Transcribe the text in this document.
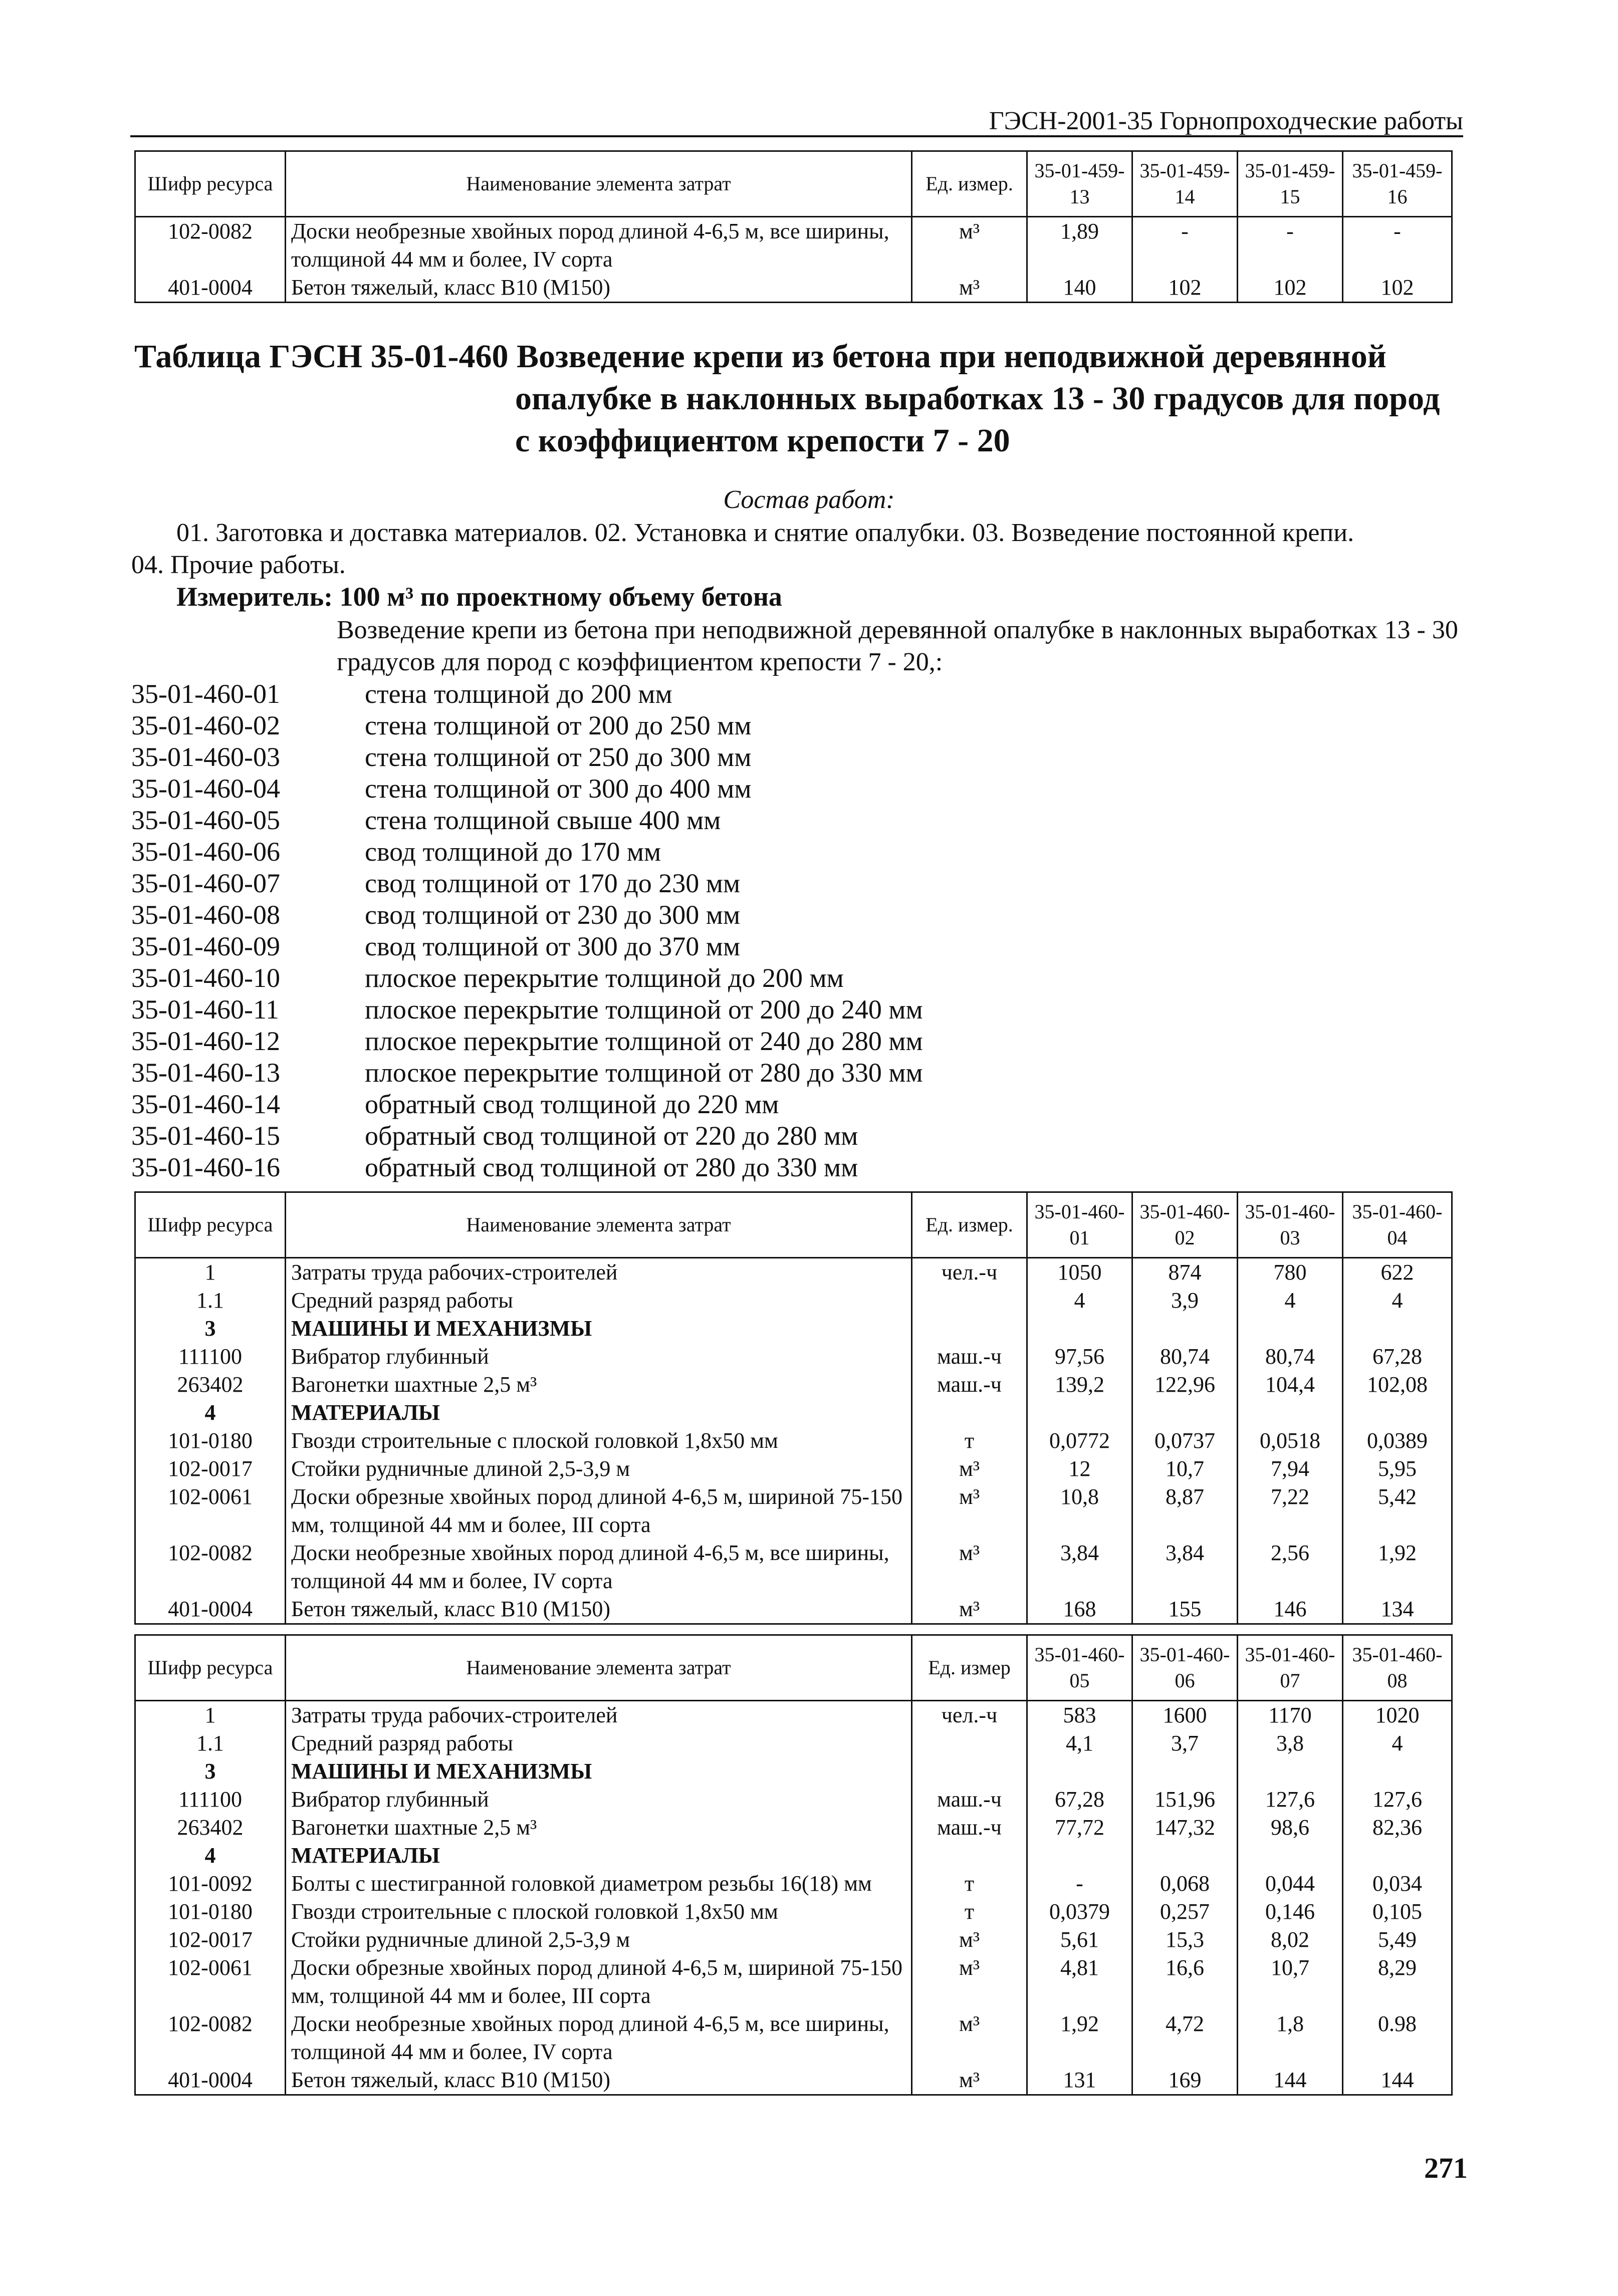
ГЭСН-2001-35 Горнопроходческие работы
Шифр ресурса	Наименование элемента затрат	Ед. измер.	35-01-459-13	35-01-459-14	35-01-459-15	35-01-459-16
102-0082	Доски необрезные хвойных пород длиной 4-6,5 м, все ширины, толщиной 44 мм и более, IV сорта	м³	1,89	-	-	-
401-0004	Бетон тяжелый, класс В10 (М150)	м³	140	102	102	102
Таблица ГЭСН 35-01-460 Возведение крепи из бетона при неподвижной деревянной
опалубке в наклонных выработках 13 - 30 градусов для пород
с коэффициентом крепости 7 - 20
Состав работ:
01. Заготовка и доставка материалов. 02. Установка и снятие опалубки. 03. Возведение постоянной крепи.
04. Прочие работы.
Измеритель: 100 м³ по проектному объему бетона
Возведение крепи из бетона при неподвижной деревянной опалубке в наклонных выработках 13 - 30 градусов для пород с коэффициентом крепости 7 - 20,:
35-01-460-01	стена толщиной до 200 мм
35-01-460-02	стена толщиной от 200 до 250 мм
35-01-460-03	стена толщиной от 250 до 300 мм
35-01-460-04	стена толщиной от 300 до 400 мм
35-01-460-05	стена толщиной свыше 400 мм
35-01-460-06	свод толщиной до 170 мм
35-01-460-07	свод толщиной от 170 до 230 мм
35-01-460-08	свод толщиной от 230 до 300 мм
35-01-460-09	свод толщиной от 300 до 370 мм
35-01-460-10	плоское перекрытие толщиной до 200 мм
35-01-460-11	плоское перекрытие толщиной от 200 до 240 мм
35-01-460-12	плоское перекрытие толщиной от 240 до 280 мм
35-01-460-13	плоское перекрытие толщиной от 280 до 330 мм
35-01-460-14	обратный свод толщиной до 220 мм
35-01-460-15	обратный свод толщиной от 220 до 280 мм
35-01-460-16	обратный свод толщиной от 280 до 330 мм
Шифр ресурса	Наименование элемента затрат	Ед. измер.	35-01-460-01	35-01-460-02	35-01-460-03	35-01-460-04
1	Затраты труда рабочих-строителей	чел.-ч	1050	874	780	622
1.1	Средний разряд работы		4	3,9	4	4
3	МАШИНЫ И МЕХАНИЗМЫ					
111100	Вибратор глубинный	маш.-ч	97,56	80,74	80,74	67,28
263402	Вагонетки шахтные 2,5 м³	маш.-ч	139,2	122,96	104,4	102,08
4	МАТЕРИАЛЫ					
101-0180	Гвозди строительные с плоской головкой 1,8х50 мм	т	0,0772	0,0737	0,0518	0,0389
102-0017	Стойки рудничные длиной 2,5-3,9 м	м³	12	10,7	7,94	5,95
102-0061	Доски обрезные хвойных пород длиной 4-6,5 м, шириной 75-150 мм, толщиной 44 мм и более, III сорта	м³	10,8	8,87	7,22	5,42
102-0082	Доски необрезные хвойных пород длиной 4-6,5 м, все ширины, толщиной 44 мм и более, IV сорта	м³	3,84	3,84	2,56	1,92
401-0004	Бетон тяжелый, класс В10 (М150)	м³	168	155	146	134
Шифр ресурса	Наименование элемента затрат	Ед. измер	35-01-460-05	35-01-460-06	35-01-460-07	35-01-460-08
1	Затраты труда рабочих-строителей	чел.-ч	583	1600	1170	1020
1.1	Средний разряд работы		4,1	3,7	3,8	4
3	МАШИНЫ И МЕХАНИЗМЫ					
111100	Вибратор глубинный	маш.-ч	67,28	151,96	127,6	127,6
263402	Вагонетки шахтные 2,5 м³	маш.-ч	77,72	147,32	98,6	82,36
4	МАТЕРИАЛЫ					
101-0092	Болты с шестигранной головкой диаметром резьбы 16(18) мм	т	-	0,068	0,044	0,034
101-0180	Гвозди строительные с плоской головкой 1,8х50 мм	т	0,0379	0,257	0,146	0,105
102-0017	Стойки рудничные длиной 2,5-3,9 м	м³	5,61	15,3	8,02	5,49
102-0061	Доски обрезные хвойных пород длиной 4-6,5 м, шириной 75-150 мм, толщиной 44 мм и более, III сорта	м³	4,81	16,6	10,7	8,29
102-0082	Доски необрезные хвойных пород длиной 4-6,5 м, все ширины, толщиной 44 мм и более, IV сорта	м³	1,92	4,72	1,8	0.98
401-0004	Бетон тяжелый, класс В10 (М150)	м³	131	169	144	144
271
